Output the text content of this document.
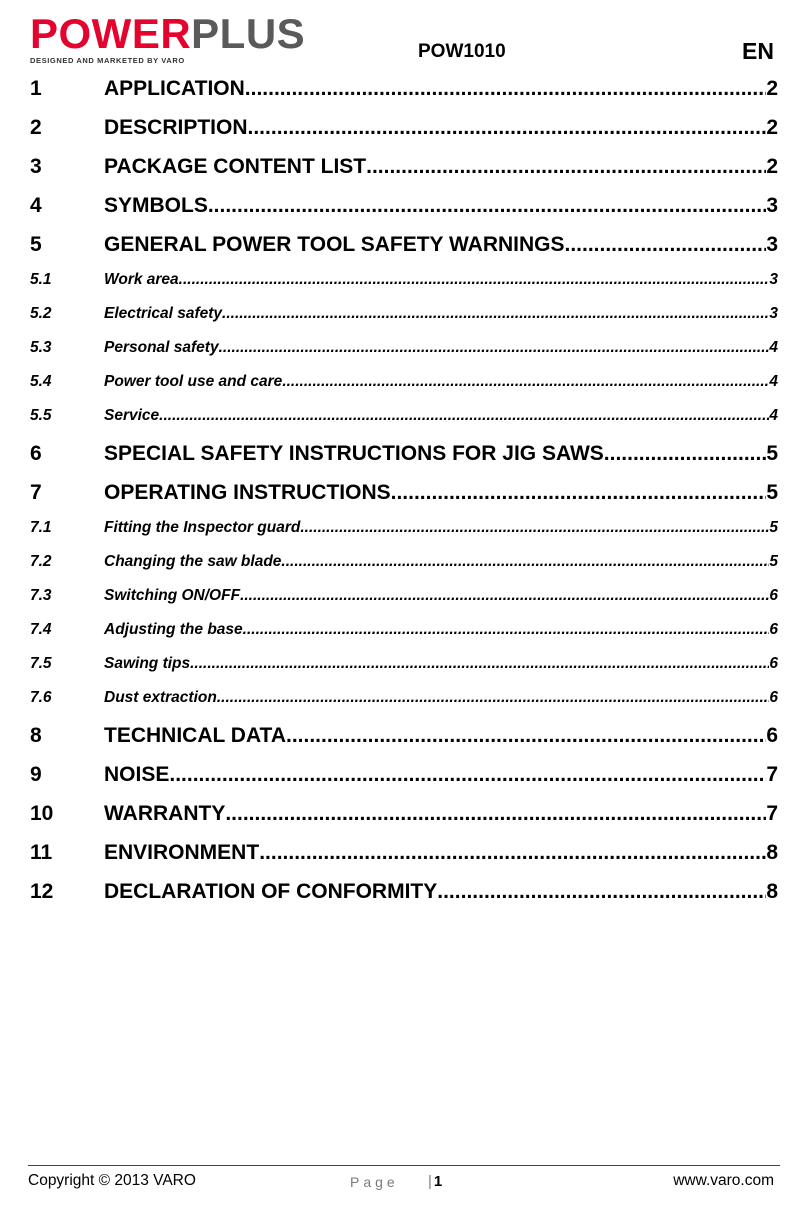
POWER PLUS
DESIGNED AND MARKETED BY VARO	POW1010	EN
1	APPLICATION .....	2
2	DESCRIPTION .....	2
3	PACKAGE CONTENT LIST .....	2
4	SYMBOLS .....	3
5	GENERAL POWER TOOL SAFETY WARNINGS .....	3
5.1	Work area .....	3
5.2	Electrical safety .....	3
5.3	Personal safety .....	4
5.4	Power tool use and care .....	4
5.5	Service .....	4
6	SPECIAL SAFETY INSTRUCTIONS FOR JIG SAWS .....	5
7	OPERATING INSTRUCTIONS .....	5
7.1	Fitting the Inspector guard .....	5
7.2	Changing the saw blade .....	5
7.3	Switching ON/OFF .....	6
7.4	Adjusting the base .....	6
7.5	Sawing tips .....	6
7.6	Dust extraction .....	6
8	TECHNICAL DATA .....	6
9	NOISE .....	7
10	WARRANTY .....	7
11	ENVIRONMENT .....	8
12	DECLARATION OF CONFORMITY .....	8
Copyright © 2013 VARO	Page | 1	www.varo.com
